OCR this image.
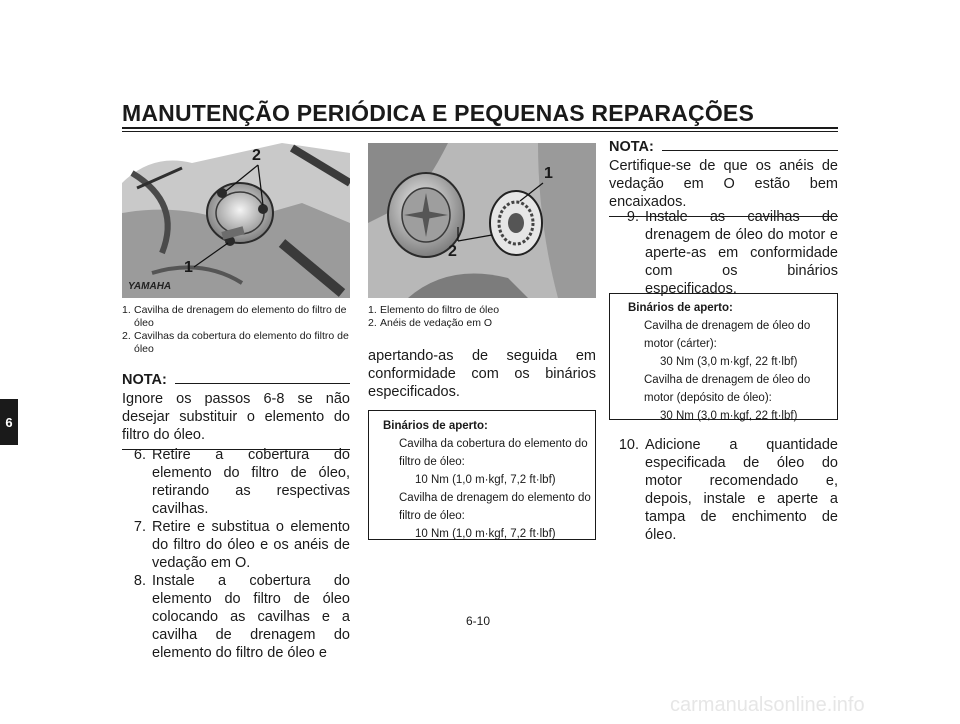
MANUTENÇÃO PERIÓDICA E PEQUENAS REPARAÇÕES
6
2
1
YAMAHA
1. Cavilha de drenagem do elemento do filtro de óleo
2. Cavilhas da cobertura do elemento do filtro de óleo
NOTA:
Ignore os passos 6-8 se não desejar substituir o elemento do filtro do óleo.
6. Retire a cobertura do elemento do filtro de óleo, retirando as respectivas cavilhas.
7. Retire e substitua o elemento do filtro do óleo e os anéis de vedação em O.
8. Instale a cobertura do elemento do filtro de óleo colocando as cavilhas e a cavilha de drenagem do elemento do filtro de óleo e
1
2
1. Elemento do filtro de óleo
2. Anéis de vedação em O
apertando-as de seguida em conformidade com os binários especificados.
Binários de aperto:
Cavilha da cobertura do elemento do filtro de óleo:
10 Nm (1,0 m·kgf, 7,2 ft·lbf)
Cavilha de drenagem do elemento do filtro de óleo:
10 Nm (1,0 m·kgf, 7,2 ft·lbf)
NOTA:
Certifique-se de que os anéis de vedação em O estão bem encaixados.
9. Instale as cavilhas de drenagem de óleo do motor e aperte-as em conformidade com os binários especificados.
Binários de aperto:
Cavilha de drenagem de óleo do motor (cárter):
30 Nm (3,0 m·kgf, 22 ft·lbf)
Cavilha de drenagem de óleo do motor (depósito de óleo):
30 Nm (3,0 m·kgf, 22 ft·lbf)
10. Adicione a quantidade especificada de óleo do motor recomendado e, depois, instale e aperte a tampa de enchimento de óleo.
6-10
carmanualsonline.info
